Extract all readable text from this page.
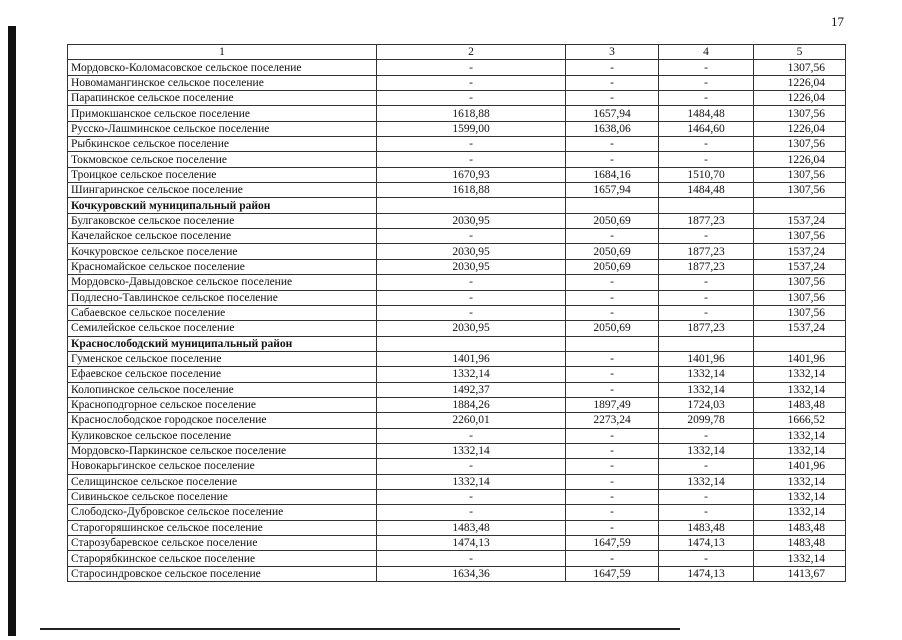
17
1	2	3	4	5
Мордовско-Коломасовское сельское поселение	-	-	-	1307,56
Новомамангинское сельское поселение	-	-	-	1226,04
Парапинское сельское поселение	-	-	-	1226,04
Примокшанское сельское поселение	1618,88	1657,94	1484,48	1307,56
Русско-Лашминское сельское поселение	1599,00	1638,06	1464,60	1226,04
Рыбкинское сельское поселение	-	-	-	1307,56
Токмовское сельское поселение	-	-	-	1226,04
Троицкое сельское поселение	1670,93	1684,16	1510,70	1307,56
Шингаринское сельское поселение	1618,88	1657,94	1484,48	1307,56
Кочкуровский муниципальный район				
Булгаковское сельское поселение	2030,95	2050,69	1877,23	1537,24
Качелайское сельское поселение	-	-	-	1307,56
Кочкуровское сельское поселение	2030,95	2050,69	1877,23	1537,24
Красномайское сельское поселение	2030,95	2050,69	1877,23	1537,24
Мордовско-Давыдовское сельское поселение	-	-	-	1307,56
Подлесно-Тавлинское сельское поселение	-	-	-	1307,56
Сабаевское сельское поселение	-	-	-	1307,56
Семилейское сельское поселение	2030,95	2050,69	1877,23	1537,24
Краснослободский муниципальный район				
Гуменское сельское поселение	1401,96	-	1401,96	1401,96
Ефаевское сельское поселение	1332,14	-	1332,14	1332,14
Колопинское сельское поселение	1492,37	-	1332,14	1332,14
Красноподгорное сельское поселение	1884,26	1897,49	1724,03	1483,48
Краснослободское городское поселение	2260,01	2273,24	2099,78	1666,52
Куликовское сельское поселение	-	-	-	1332,14
Мордовско-Паркинское сельское поселение	1332,14	-	1332,14	1332,14
Новокарьгинское сельское поселение	-	-	-	1401,96
Селищинское сельское поселение	1332,14	-	1332,14	1332,14
Сивиньское сельское поселение	-	-	-	1332,14
Слободско-Дубровское сельское поселение	-	-	-	1332,14
Старогоряшинское сельское поселение	1483,48	-	1483,48	1483,48
Старозубаревское сельское поселение	1474,13	1647,59	1474,13	1483,48
Старорябкинское сельское поселение	-	-	-	1332,14
Старосиндровское сельское поселение	1634,36	1647,59	1474,13	1413,67
